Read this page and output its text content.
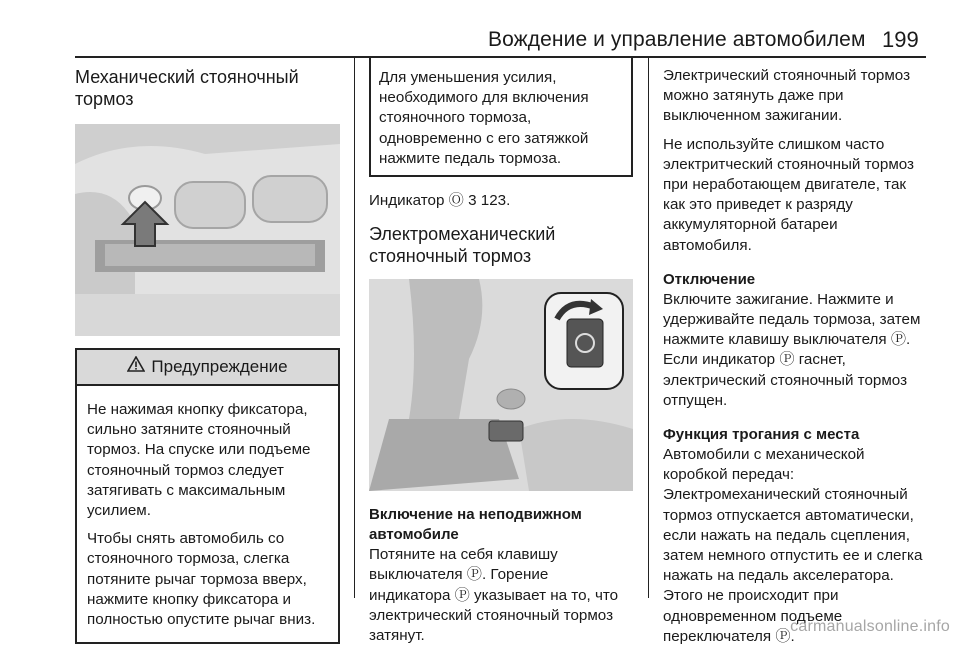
Вождение и управление автомобилем 199
Механический стояночный тормоз
Предупреждение

Не нажимая кнопку фиксатора, сильно затяните стояночный тормоз. На спуске или подъеме стояночный тормоз следует затягивать с максимальным усилием.

Чтобы снять автомобиль со стояночного тормоза, слегка потяните рычаг тормоза вверх, нажмите кнопку фиксатора и полностью опустите рычаг вниз.

Для уменьшения усилия, необходимого для включения стояночного тормоза, одновременно с его затяжкой нажмите педаль тормоза.

Индикатор Ⓞ 3 123.

Электромеханический стояночный тормоз
Включение на неподвижном автомобиле

Потяните на себя клавишу выключателя Ⓟ. Горение индикатора Ⓟ указывает на то, что электрический стояночный тормоз затянут.

Электрический стояночный тормоз можно затянуть даже при выключенном зажигании.

Не используйте слишком часто электритческий стояночный тормоз при неработающем двигателе, так как это приведет к разряду аккумуляторной батареи автомобиля.

Отключение

Включите зажигание. Нажмите и удерживайте педаль тормоза, затем нажмите клавишу выключателя Ⓟ. Если индикатор Ⓟ гаснет, электрический стояночный тормоз отпущен.

Функция трогания с места

Автомобили с механической коробкой передач: Электромеханический стояночный тормоз отпускается автоматически, если нажать на педаль сцепления, затем немного отпустить ее и слегка нажать на педаль акселератора. Этого не происходит при одновременном подъеме переключателя Ⓟ.

carmanualsonline.info
